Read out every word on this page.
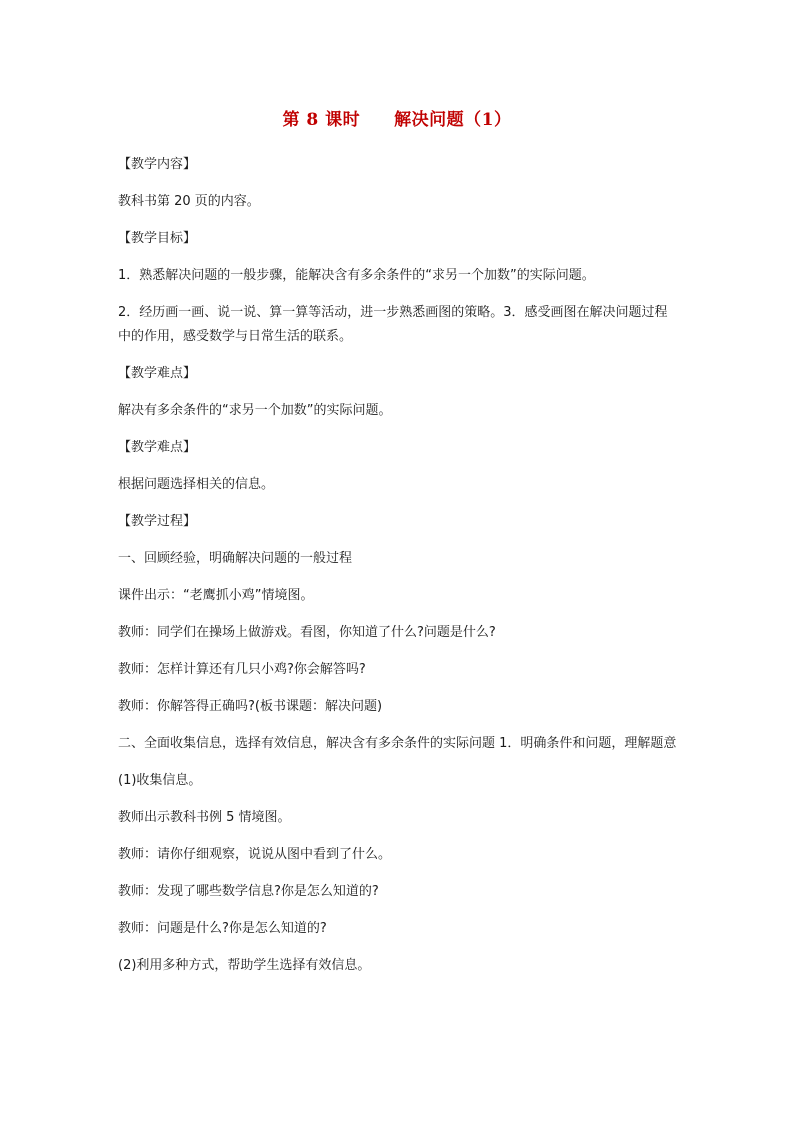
第 8 课时 解决问题（1）

【教学内容】

教科书第 20 页的内容。

【教学目标】

1．熟悉解决问题的一般步骤，能解决含有多余条件的“求另一个加数”的实际问题。

2．经历画一画、说一说、算一算等活动，进一步熟悉画图的策略。3．感受画图在解决问题过程中的作用，感受数学与日常生活的联系。

【教学难点】

解决有多余条件的“求另一个加数”的实际问题。

【教学难点】

根据问题选择相关的信息。

【教学过程】

一、回顾经验，明确解决问题的一般过程

课件出示：“老鹰抓小鸡”情境图。

教师：同学们在操场上做游戏。看图，你知道了什么?问题是什么?

教师：怎样计算还有几只小鸡?你会解答吗?

教师：你解答得正确吗?(板书课题：解决问题)

二、全面收集信息，选择有效信息，解决含有多余条件的实际问题 1．明确条件和问题，理解题意

(1)收集信息。

教师出示教科书例 5 情境图。

教师：请你仔细观察，说说从图中看到了什么。

教师：发现了哪些数学信息?你是怎么知道的?

教师：问题是什么?你是怎么知道的?

(2)利用多种方式，帮助学生选择有效信息。
